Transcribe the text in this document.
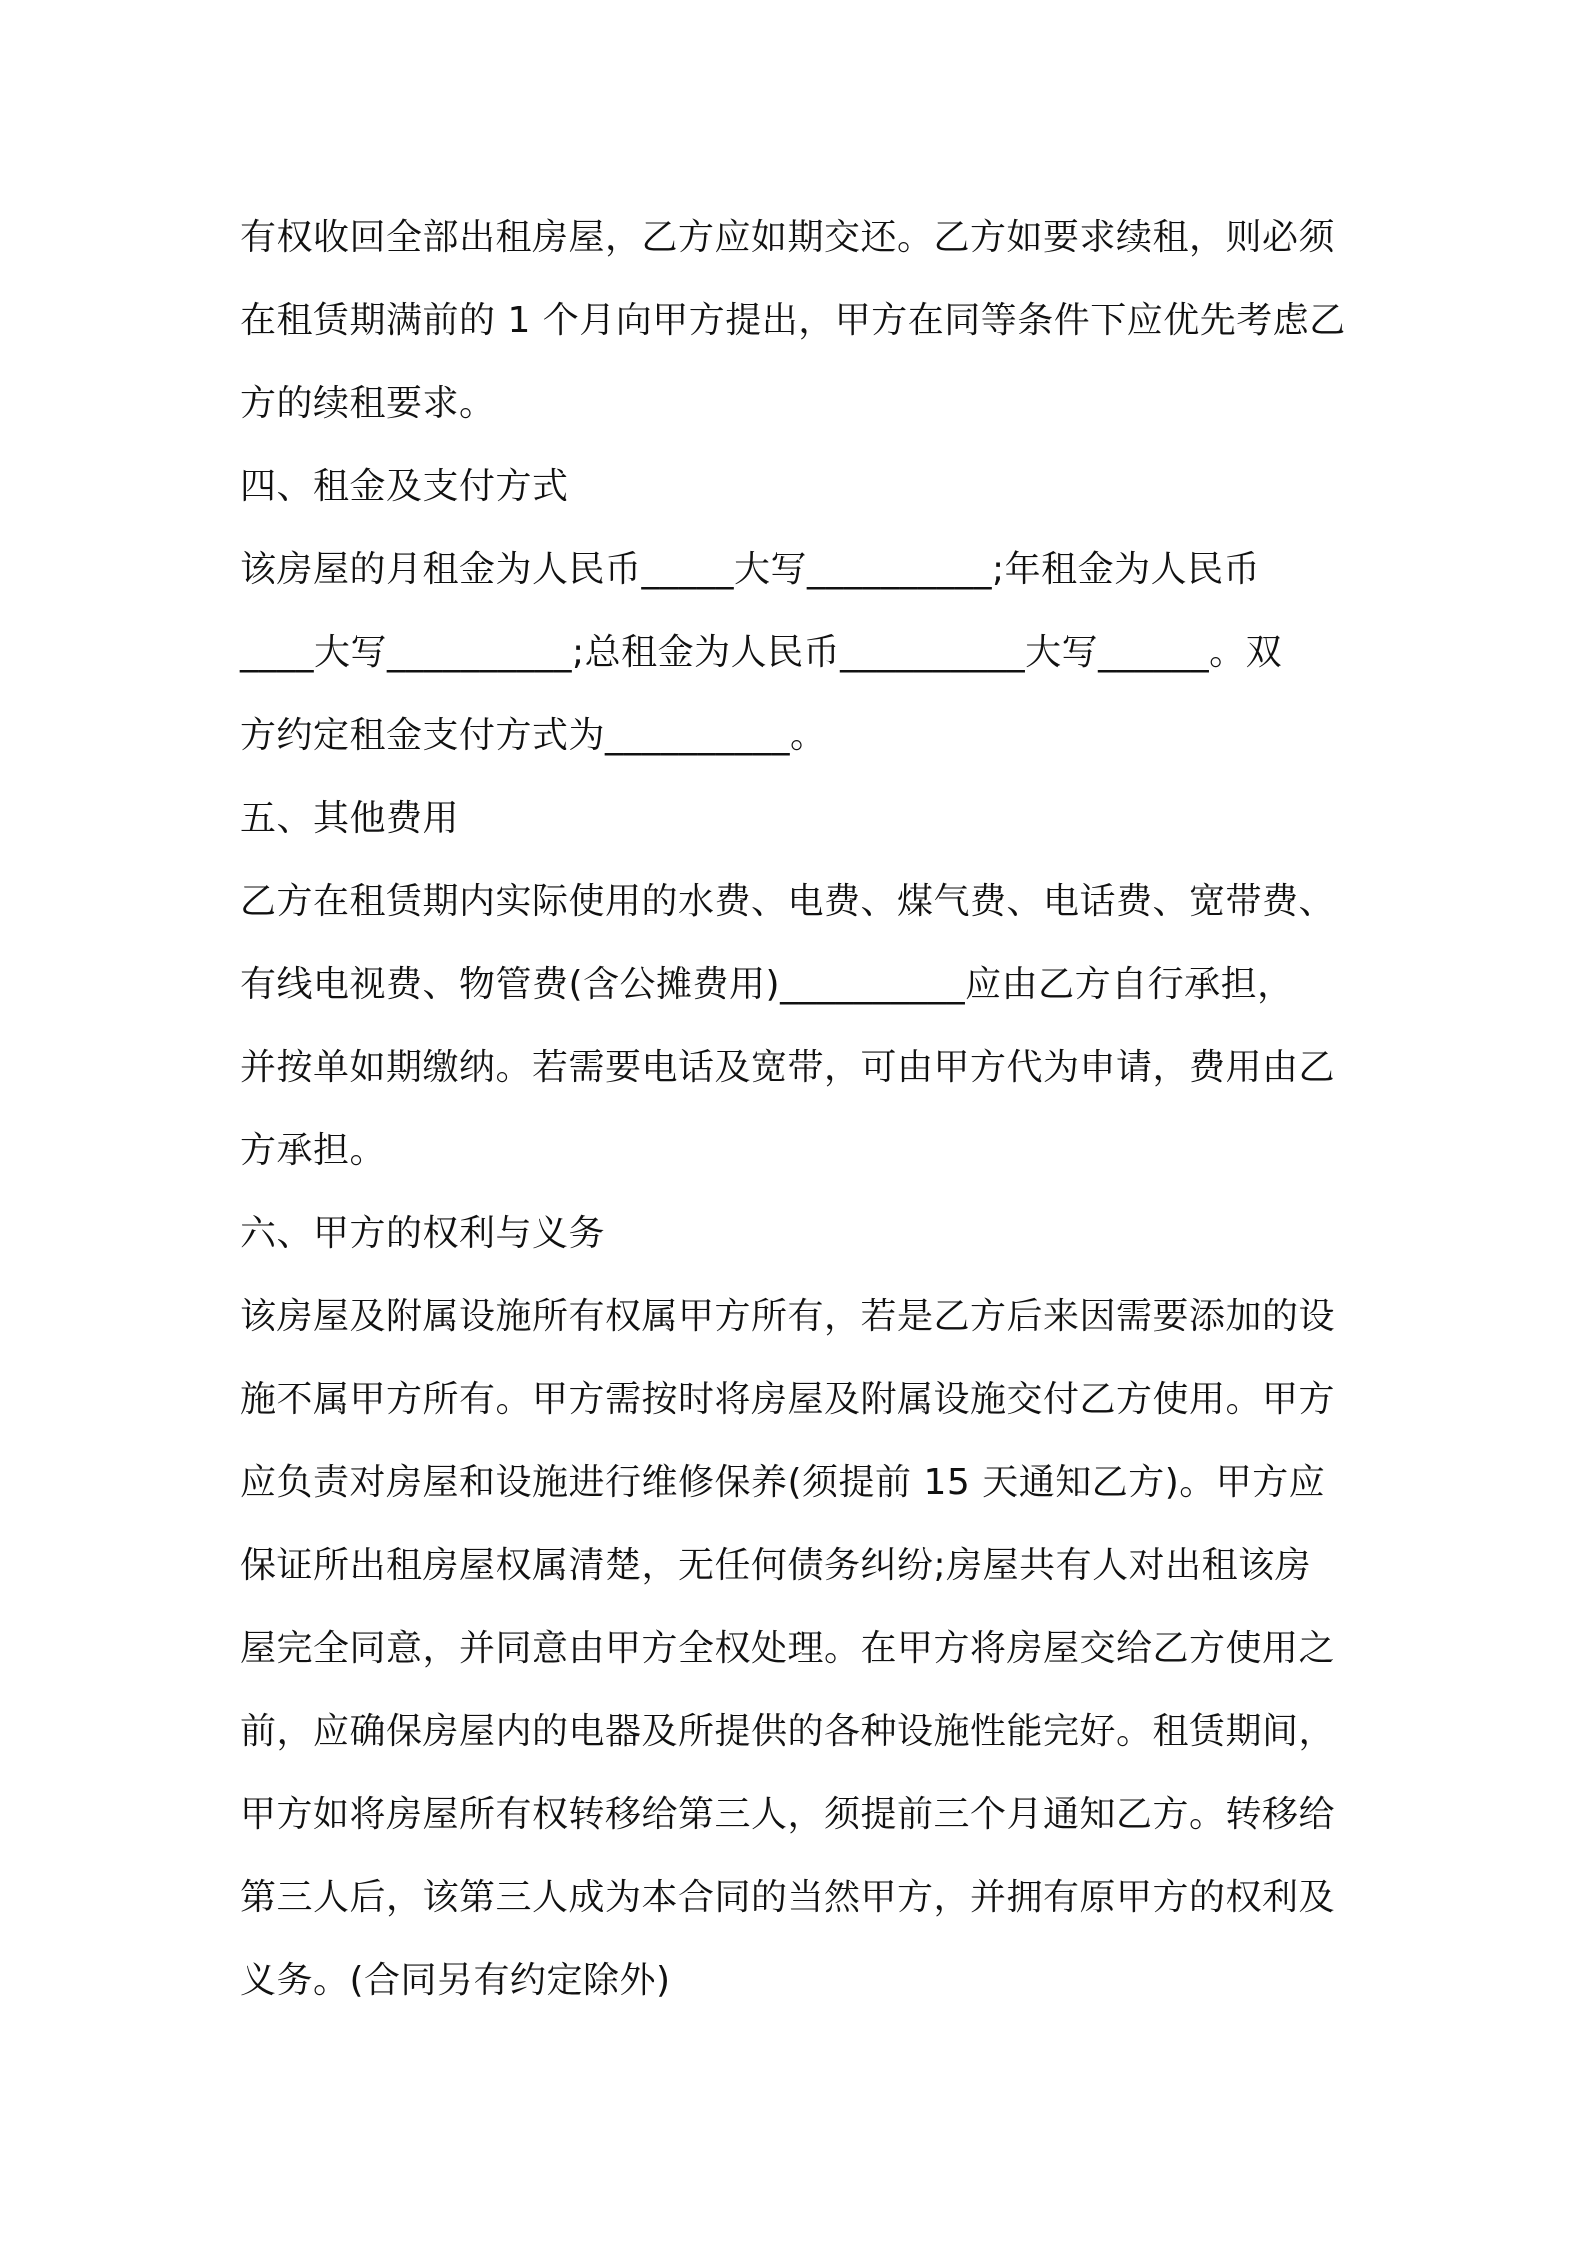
有权收回全部出租房屋，乙方应如期交还。乙方如要求续租，则必须
在租赁期满前的 1 个月向甲方提出，甲方在同等条件下应优先考虑乙
方的续租要求。
四、租金及支付方式
该房屋的月租金为人民币_____大写__________;年租金为人民币
____大写__________;总租金为人民币__________大写______。双
方约定租金支付方式为__________。
五、其他费用
乙方在租赁期内实际使用的水费、电费、煤气费、电话费、宽带费、
有线电视费、物管费(含公摊费用)__________应由乙方自行承担，
并按单如期缴纳。若需要电话及宽带，可由甲方代为申请，费用由乙
方承担。
六、甲方的权利与义务
该房屋及附属设施所有权属甲方所有，若是乙方后来因需要添加的设
施不属甲方所有。甲方需按时将房屋及附属设施交付乙方使用。甲方
应负责对房屋和设施进行维修保养(须提前 15 天通知乙方)。甲方应
保证所出租房屋权属清楚，无任何债务纠纷;房屋共有人对出租该房
屋完全同意，并同意由甲方全权处理。在甲方将房屋交给乙方使用之
前，应确保房屋内的电器及所提供的各种设施性能完好。租赁期间，
甲方如将房屋所有权转移给第三人，须提前三个月通知乙方。转移给
第三人后，该第三人成为本合同的当然甲方，并拥有原甲方的权利及
义务。(合同另有约定除外)
